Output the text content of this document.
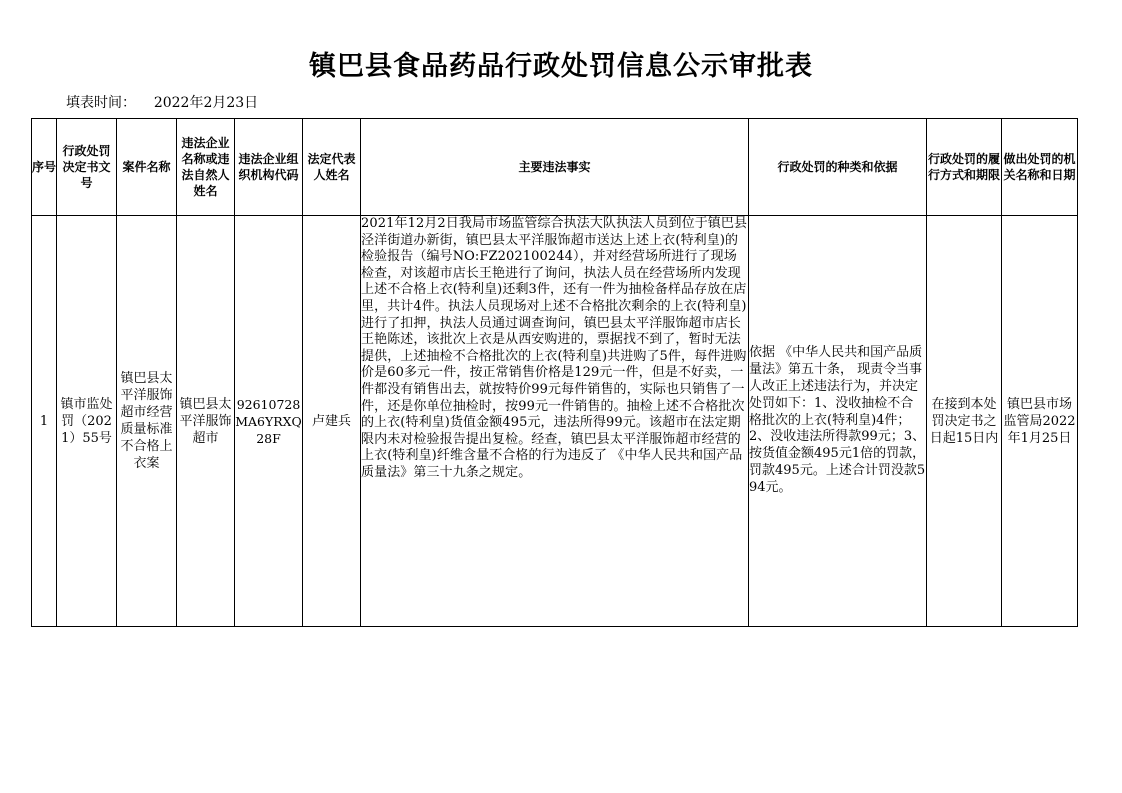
镇巴县食品药品行政处罚信息公示审批表
填表时间： 2022年2月23日
序号	行政处罚决定书文号	案件名称	违法企业名称或违法自然人姓名	违法企业组织机构代码	法定代表人姓名	主要违法事实	行政处罚的种类和依据	行政处罚的履行方式和期限	做出处罚的机关名称和日期
1	镇市监处罚（2021）55号	镇巴县太平洋服饰超市经营质量标准不合格上衣案	镇巴县太平洋服饰超市	92610728MA6YRXQ28F	卢建兵	2021年12月2日我局市场监管综合执法大队执法人员到位于镇巴县泾洋街道办新街，镇巴县太平洋服饰超市送达上述上衣(特利皇)的检验报告（编号NO:FZ202100244），并对经营场所进行了现场检查，对该超市店长王艳进行了询问，执法人员在经营场所内发现上述不合格上衣(特利皇)还剩3件，还有一件为抽检备样品存放在店里，共计4件。执法人员现场对上述不合格批次剩余的上衣(特利皇)进行了扣押，执法人员通过调查询问，镇巴县太平洋服饰超市店长王艳陈述，该批次上衣是从西安购进的，票据找不到了，暂时无法提供，上述抽检不合格批次的上衣(特利皇)共进购了5件，每件进购价是60多元一件，按正常销售价格是129元一件，但是不好卖，一件都没有销售出去，就按特价99元每件销售的，实际也只销售了一件，还是你单位抽检时，按99元一件销售的。抽检上述不合格批次的上衣(特利皇)货值金额495元，违法所得99元。该超市在法定期限内未对检验报告提出复检。经查，镇巴县太平洋服饰超市经营的上衣(特利皇)纤维含量不合格的行为违反了 《中华人民共和国产品质量法》第三十九条之规定。	依据 《中华人民共和国产品质量法》第五十条， 现责令当事人改正上述违法行为，并决定处罚如下：1、没收抽检不合格批次的上衣(特利皇)4件；2、没收违法所得款99元；3、按货值金额495元1倍的罚款，罚款495元。上述合计罚没款594元。	在接到本处罚决定书之日起15日内	镇巴县市场监管局2022年1月25日
